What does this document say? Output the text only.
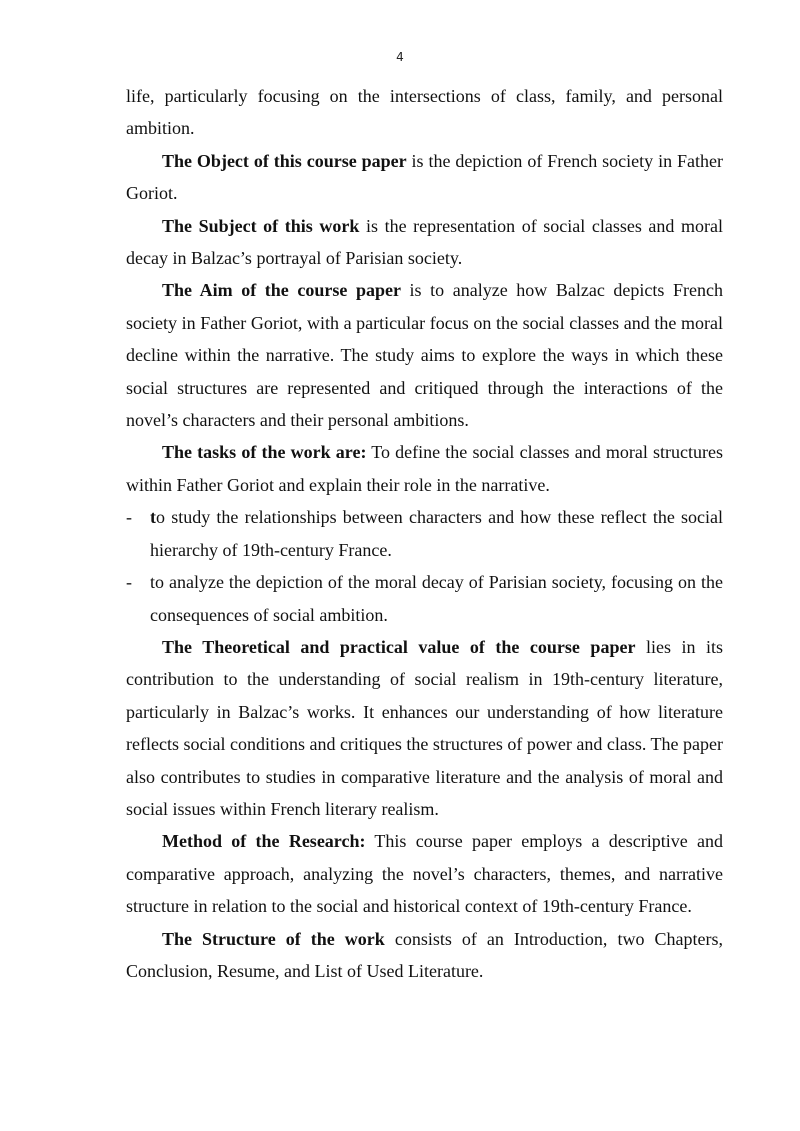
4

life, particularly focusing on the intersections of class, family, and personal ambition.

The Object of this course paper is the depiction of French society in Father Goriot.

The Subject of this work is the representation of social classes and moral decay in Balzac’s portrayal of Parisian society.

The Aim of the course paper is to analyze how Balzac depicts French society in Father Goriot, with a particular focus on the social classes and the moral decline within the narrative. The study aims to explore the ways in which these social structures are represented and critiqued through the interactions of the novel’s characters and their personal ambitions.

The tasks of the work are: To define the social classes and moral structures within Father Goriot and explain their role in the narrative.

- to study the relationships between characters and how these reflect the social hierarchy of 19th-century France.

- to analyze the depiction of the moral decay of Parisian society, focusing on the consequences of social ambition.

The Theoretical and practical value of the course paper lies in its contribution to the understanding of social realism in 19th-century literature, particularly in Balzac’s works. It enhances our understanding of how literature reflects social conditions and critiques the structures of power and class. The paper also contributes to studies in comparative literature and the analysis of moral and social issues within French literary realism.

Method of the Research: This course paper employs a descriptive and comparative approach, analyzing the novel’s characters, themes, and narrative structure in relation to the social and historical context of 19th-century France.

The Structure of the work consists of an Introduction, two Chapters, Conclusion, Resume, and List of Used Literature.
